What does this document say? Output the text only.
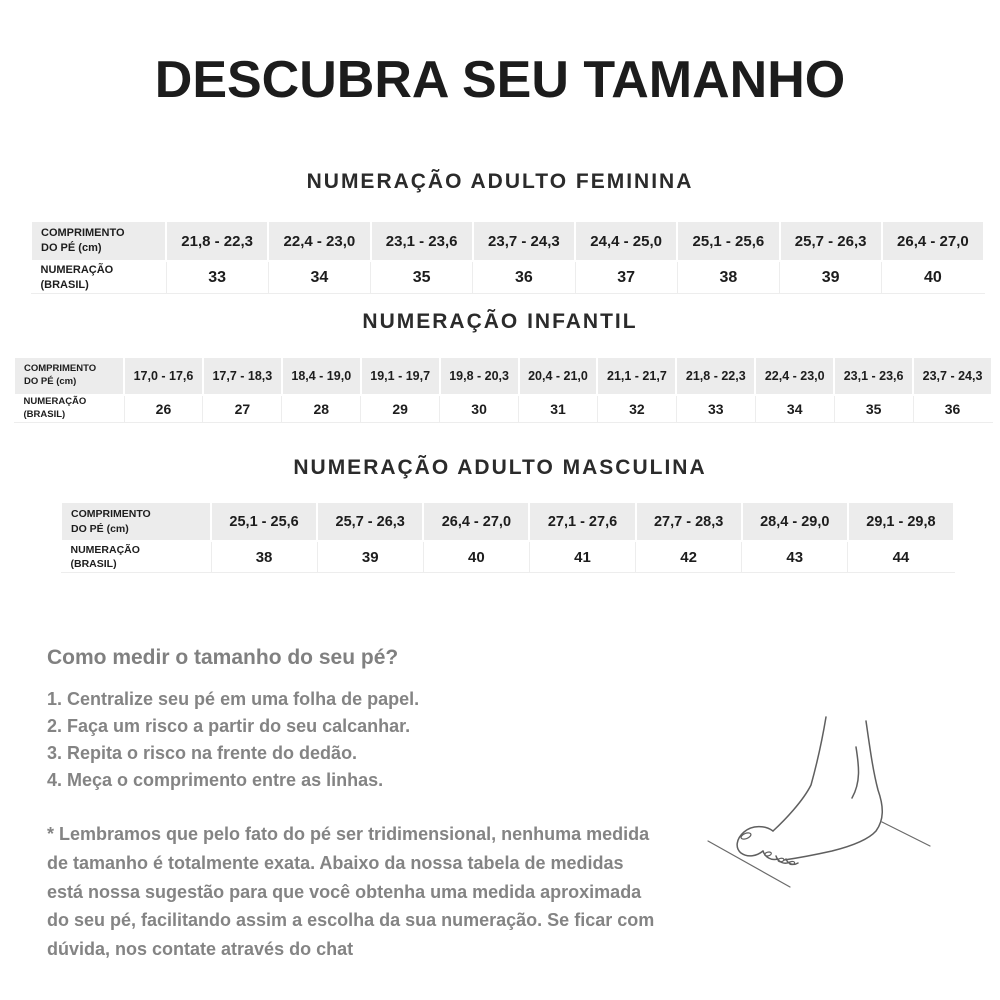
DESCUBRA SEU TAMANHO
NUMERAÇÃO ADULTO FEMININA
COMPRIMENTO
DO PÉ (cm)	21,8 - 22,3	22,4 - 23,0	23,1 - 23,6	23,7 - 24,3	24,4 - 25,0	25,1 - 25,6	25,7 - 26,3	26,4 - 27,0

NUMERAÇÃO
(BRASIL)	33	34	35	36	37	38	39	40
NUMERAÇÃO INFANTIL
COMPRIMENTO
DO PÉ (cm)	17,0 - 17,6	17,7 - 18,3	18,4 - 19,0	19,1 - 19,7	19,8 - 20,3	20,4 - 21,0	21,1 - 21,7	21,8 - 22,3	22,4 - 23,0	23,1 - 23,6	23,7 - 24,3

NUMERAÇÃO
(BRASIL)	26	27	28	29	30	31	32	33	34	35	36
NUMERAÇÃO ADULTO MASCULINA
COMPRIMENTO
DO PÉ (cm)	25,1 - 25,6	25,7 - 26,3	26,4 - 27,0	27,1 - 27,6	27,7 - 28,3	28,4 - 29,0	29,1 - 29,8

NUMERAÇÃO
(BRASIL)	38	39	40	41	42	43	44
Como medir o tamanho do seu pé?
1. Centralize seu pé em uma folha de papel.
2. Faça um risco a partir do seu calcanhar.
3. Repita o risco na frente do dedão.
4. Meça o comprimento entre as linhas.
* Lembramos que pelo fato do pé ser tridimensional, nenhuma medida de tamanho é totalmente exata. Abaixo da nossa tabela de medidas está nossa sugestão para que você obtenha uma medida aproximada do seu pé, facilitando assim a escolha da sua numeração. Se ficar com dúvida, nos contate através do chat
